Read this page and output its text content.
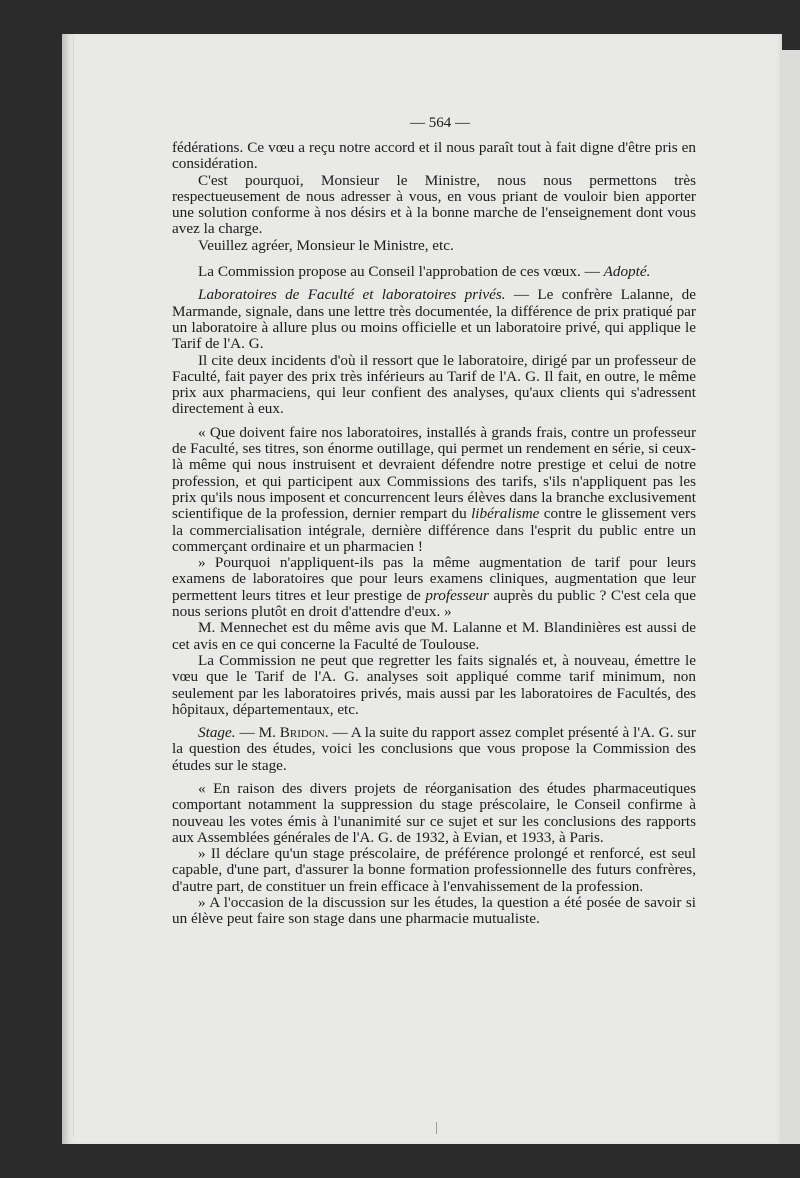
— 564 —

fédérations. Ce vœu a reçu notre accord et il nous paraît tout à fait digne d'être pris en considération.

C'est pourquoi, Monsieur le Ministre, nous nous permettons très respectueusement de nous adresser à vous, en vous priant de vouloir bien apporter une solution conforme à nos désirs et à la bonne marche de l'enseignement dont vous avez la charge.

Veuillez agréer, Monsieur le Ministre, etc.

La Commission propose au Conseil l'approbation de ces vœux. — Adopté.

Laboratoires de Faculté et laboratoires privés. — Le confrère Lalanne, de Marmande, signale, dans une lettre très documentée, la différence de prix pratiqué par un laboratoire à allure plus ou moins officielle et un laboratoire privé, qui applique le Tarif de l'A. G.

Il cite deux incidents d'où il ressort que le laboratoire, dirigé par un professeur de Faculté, fait payer des prix très inférieurs au Tarif de l'A. G. Il fait, en outre, le même prix aux pharmaciens, qui leur confient des analyses, qu'aux clients qui s'adressent directement à eux.

« Que doivent faire nos laboratoires, installés à grands frais, contre un professeur de Faculté, ses titres, son énorme outillage, qui permet un rendement en série, si ceux-là même qui nous instruisent et devraient défendre notre prestige et celui de notre profession, et qui participent aux Commissions des tarifs, s'ils n'appliquent pas les prix qu'ils nous imposent et concurrencent leurs élèves dans la branche exclusivement scientifique de la profession, dernier rempart du libéralisme contre le glissement vers la commercialisation intégrale, dernière différence dans l'esprit du public entre un commerçant ordinaire et un pharmacien !

» Pourquoi n'appliquent-ils pas la même augmentation de tarif pour leurs examens de laboratoires que pour leurs examens cliniques, augmentation que leur permettent leurs titres et leur prestige de professeur auprès du public ? C'est cela que nous serions plutôt en droit d'attendre d'eux. »

M. Mennechet est du même avis que M. Lalanne et M. Blandinières est aussi de cet avis en ce qui concerne la Faculté de Toulouse.

La Commission ne peut que regretter les faits signalés et, à nouveau, émettre le vœu que le Tarif de l'A. G. analyses soit appliqué comme tarif minimum, non seulement par les laboratoires privés, mais aussi par les laboratoires de Facultés, des hôpitaux, départementaux, etc.

Stage. — M. Bridon. — A la suite du rapport assez complet présenté à l'A. G. sur la question des études, voici les conclusions que vous propose la Commission des études sur le stage.

« En raison des divers projets de réorganisation des études pharmaceutiques comportant notamment la suppression du stage préscolaire, le Conseil confirme à nouveau les votes émis à l'unanimité sur ce sujet et sur les conclusions des rapports aux Assemblées générales de l'A. G. de 1932, à Evian, et 1933, à Paris.

» Il déclare qu'un stage préscolaire, de préférence prolongé et renforcé, est seul capable, d'une part, d'assurer la bonne formation professionnelle des futurs confrères, d'autre part, de constituer un frein efficace à l'envahissement de la profession.

» A l'occasion de la discussion sur les études, la question a été posée de savoir si un élève peut faire son stage dans une pharmacie mutualiste.
